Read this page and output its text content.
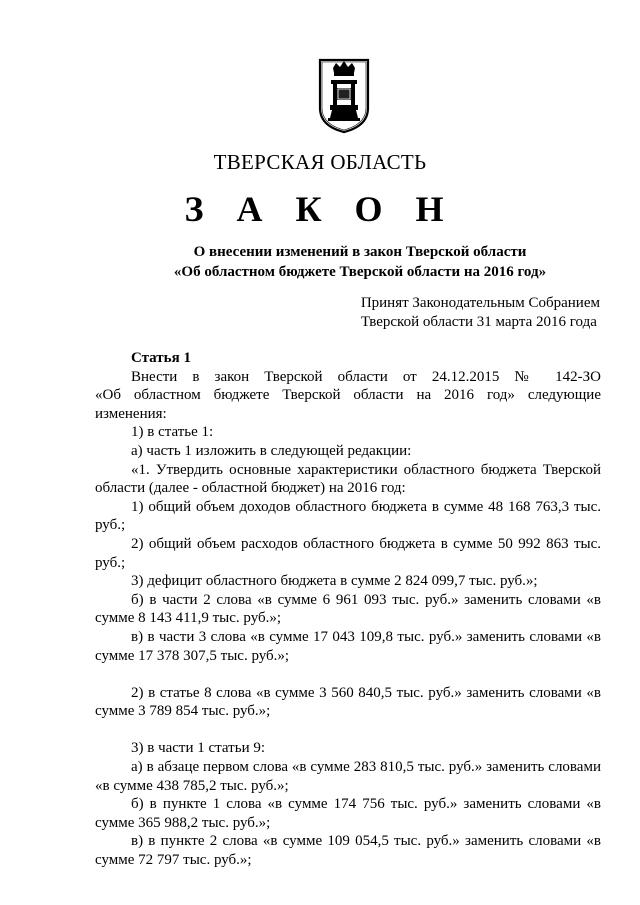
ТВЕРСКАЯ ОБЛАСТЬ
З А К О Н
О внесении изменений в закон Тверской области
«Об областном бюджете Тверской области на 2016 год»
Принят Законодательным Собранием
Тверской области 31 марта 2016 года

Статья 1

Внести в закон Тверской области от 24.12.2015 № 142-ЗО

«Об областном бюджете Тверской области на 2016 год» следующие изменения:

1) в статье 1:

а) часть 1 изложить в следующей редакции:

«1. Утвердить основные характеристики областного бюджета Тверской области (далее - областной бюджет) на 2016 год:

1) общий объем доходов областного бюджета в сумме 48 168 763,3 тыс. руб.;

2) общий объем расходов областного бюджета в сумме 50 992 863 тыс. руб.;

3) дефицит областного бюджета в сумме 2 824 099,7 тыс. руб.»;

б) в части 2 слова «в сумме 6 961 093 тыс. руб.» заменить словами «в сумме 8 143 411,9 тыс. руб.»;

в) в части 3 слова «в сумме 17 043 109,8 тыс. руб.» заменить словами «в сумме 17 378 307,5 тыс. руб.»;

2) в статье 8 слова «в сумме 3 560 840,5 тыс. руб.» заменить словами «в сумме 3 789 854 тыс. руб.»;

3) в части 1 статьи 9:

а) в абзаце первом слова «в сумме 283 810,5 тыс. руб.» заменить словами «в сумме 438 785,2 тыс. руб.»;

б) в пункте 1 слова «в сумме 174 756 тыс. руб.» заменить словами «в сумме 365 988,2 тыс. руб.»;

в) в пункте 2 слова «в сумме 109 054,5 тыс. руб.» заменить словами «в сумме 72 797 тыс. руб.»;
